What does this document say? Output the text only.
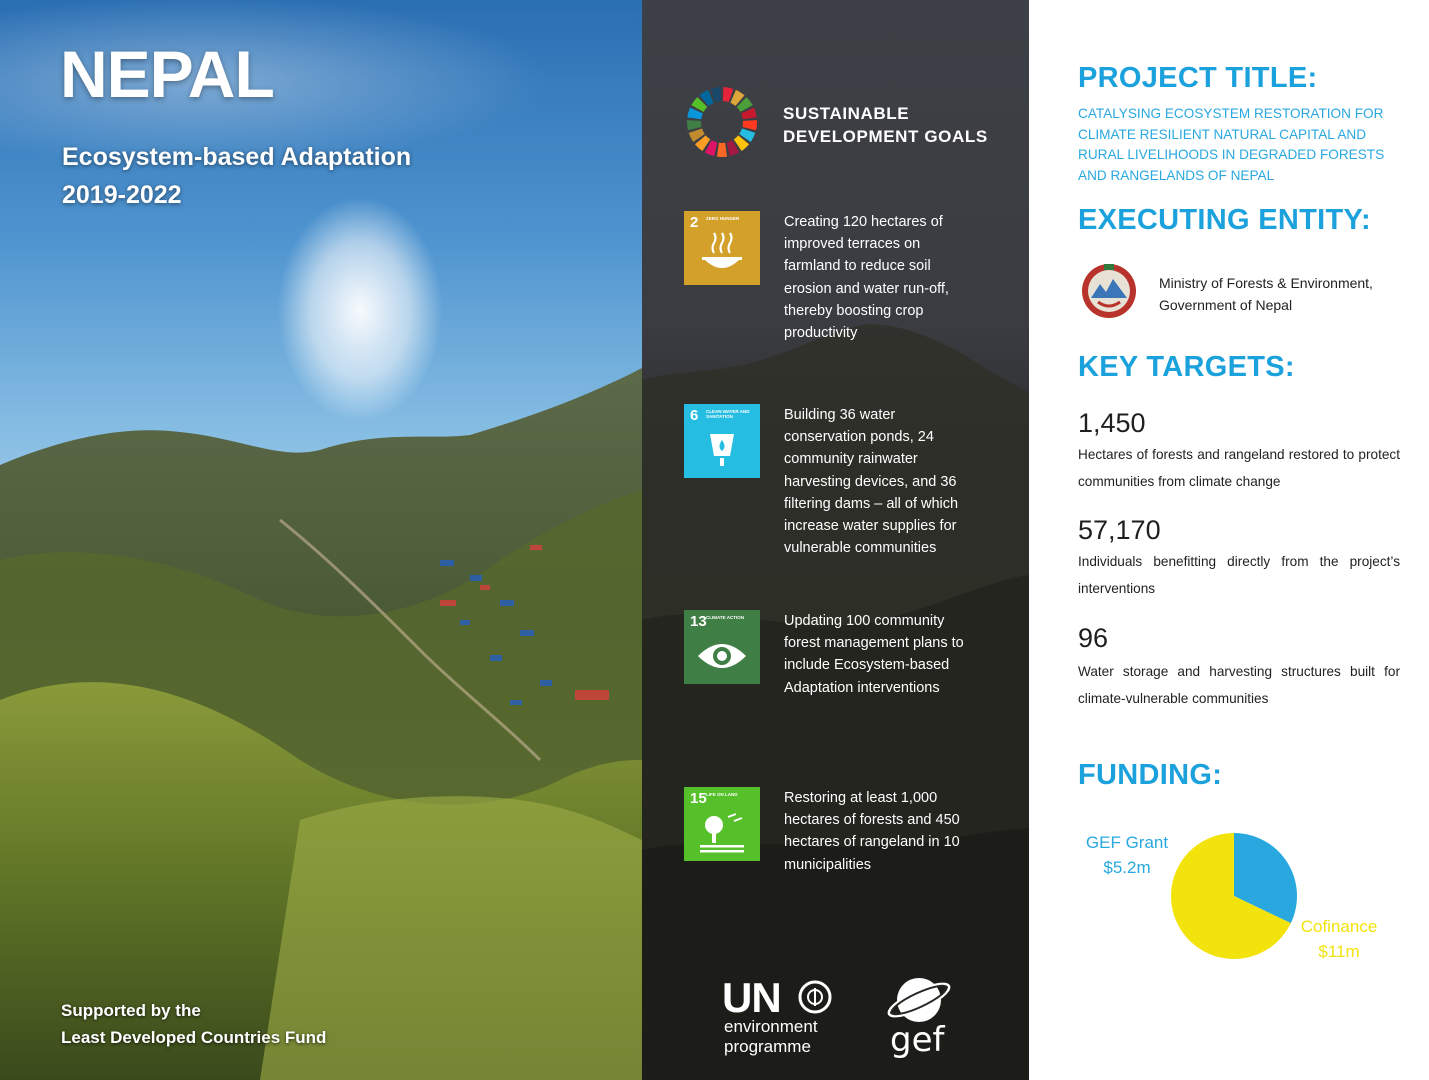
NEPAL
Ecosystem-based Adaptation
2019-2022
Supported by the
Least Developed Countries Fund
SUSTAINABLE
DEVELOPMENT GOALS
2 ZERO HUNGER	Creating 120 hectares of improved terraces on farmland to reduce soil erosion and water run-off, thereby boosting crop productivity
6 CLEAN WATER AND SANITATION	Building 36 water conservation ponds, 24 community rainwater harvesting devices, and 36 filtering dams – all of which increase water supplies for vulnerable communities
13 CLIMATE ACTION	Updating 100 community forest management plans to include Ecosystem-based Adaptation interventions
15 LIFE ON LAND	Restoring at least 1,000 hectares of forests and 450 hectares of rangeland in 10 municipalities
UN
environment
programme gef
PROJECT TITLE:
CATALYSING ECOSYSTEM RESTORATION FOR CLIMATE RESILIENT NATURAL CAPITAL AND RURAL LIVELIHOODS IN DEGRADED FORESTS AND RANGELANDS OF NEPAL
EXECUTING ENTITY:
Ministry of Forests & Environment,
Government of Nepal
KEY TARGETS:
1,450
Hectares of forests and rangeland restored to protect communities from climate change
57,170
Individuals benefitting directly from the project’s interventions
96
Water storage and harvesting structures built for climate-vulnerable communities
FUNDING:
GEF Grant
$5.2m
Cofinance
$11m
